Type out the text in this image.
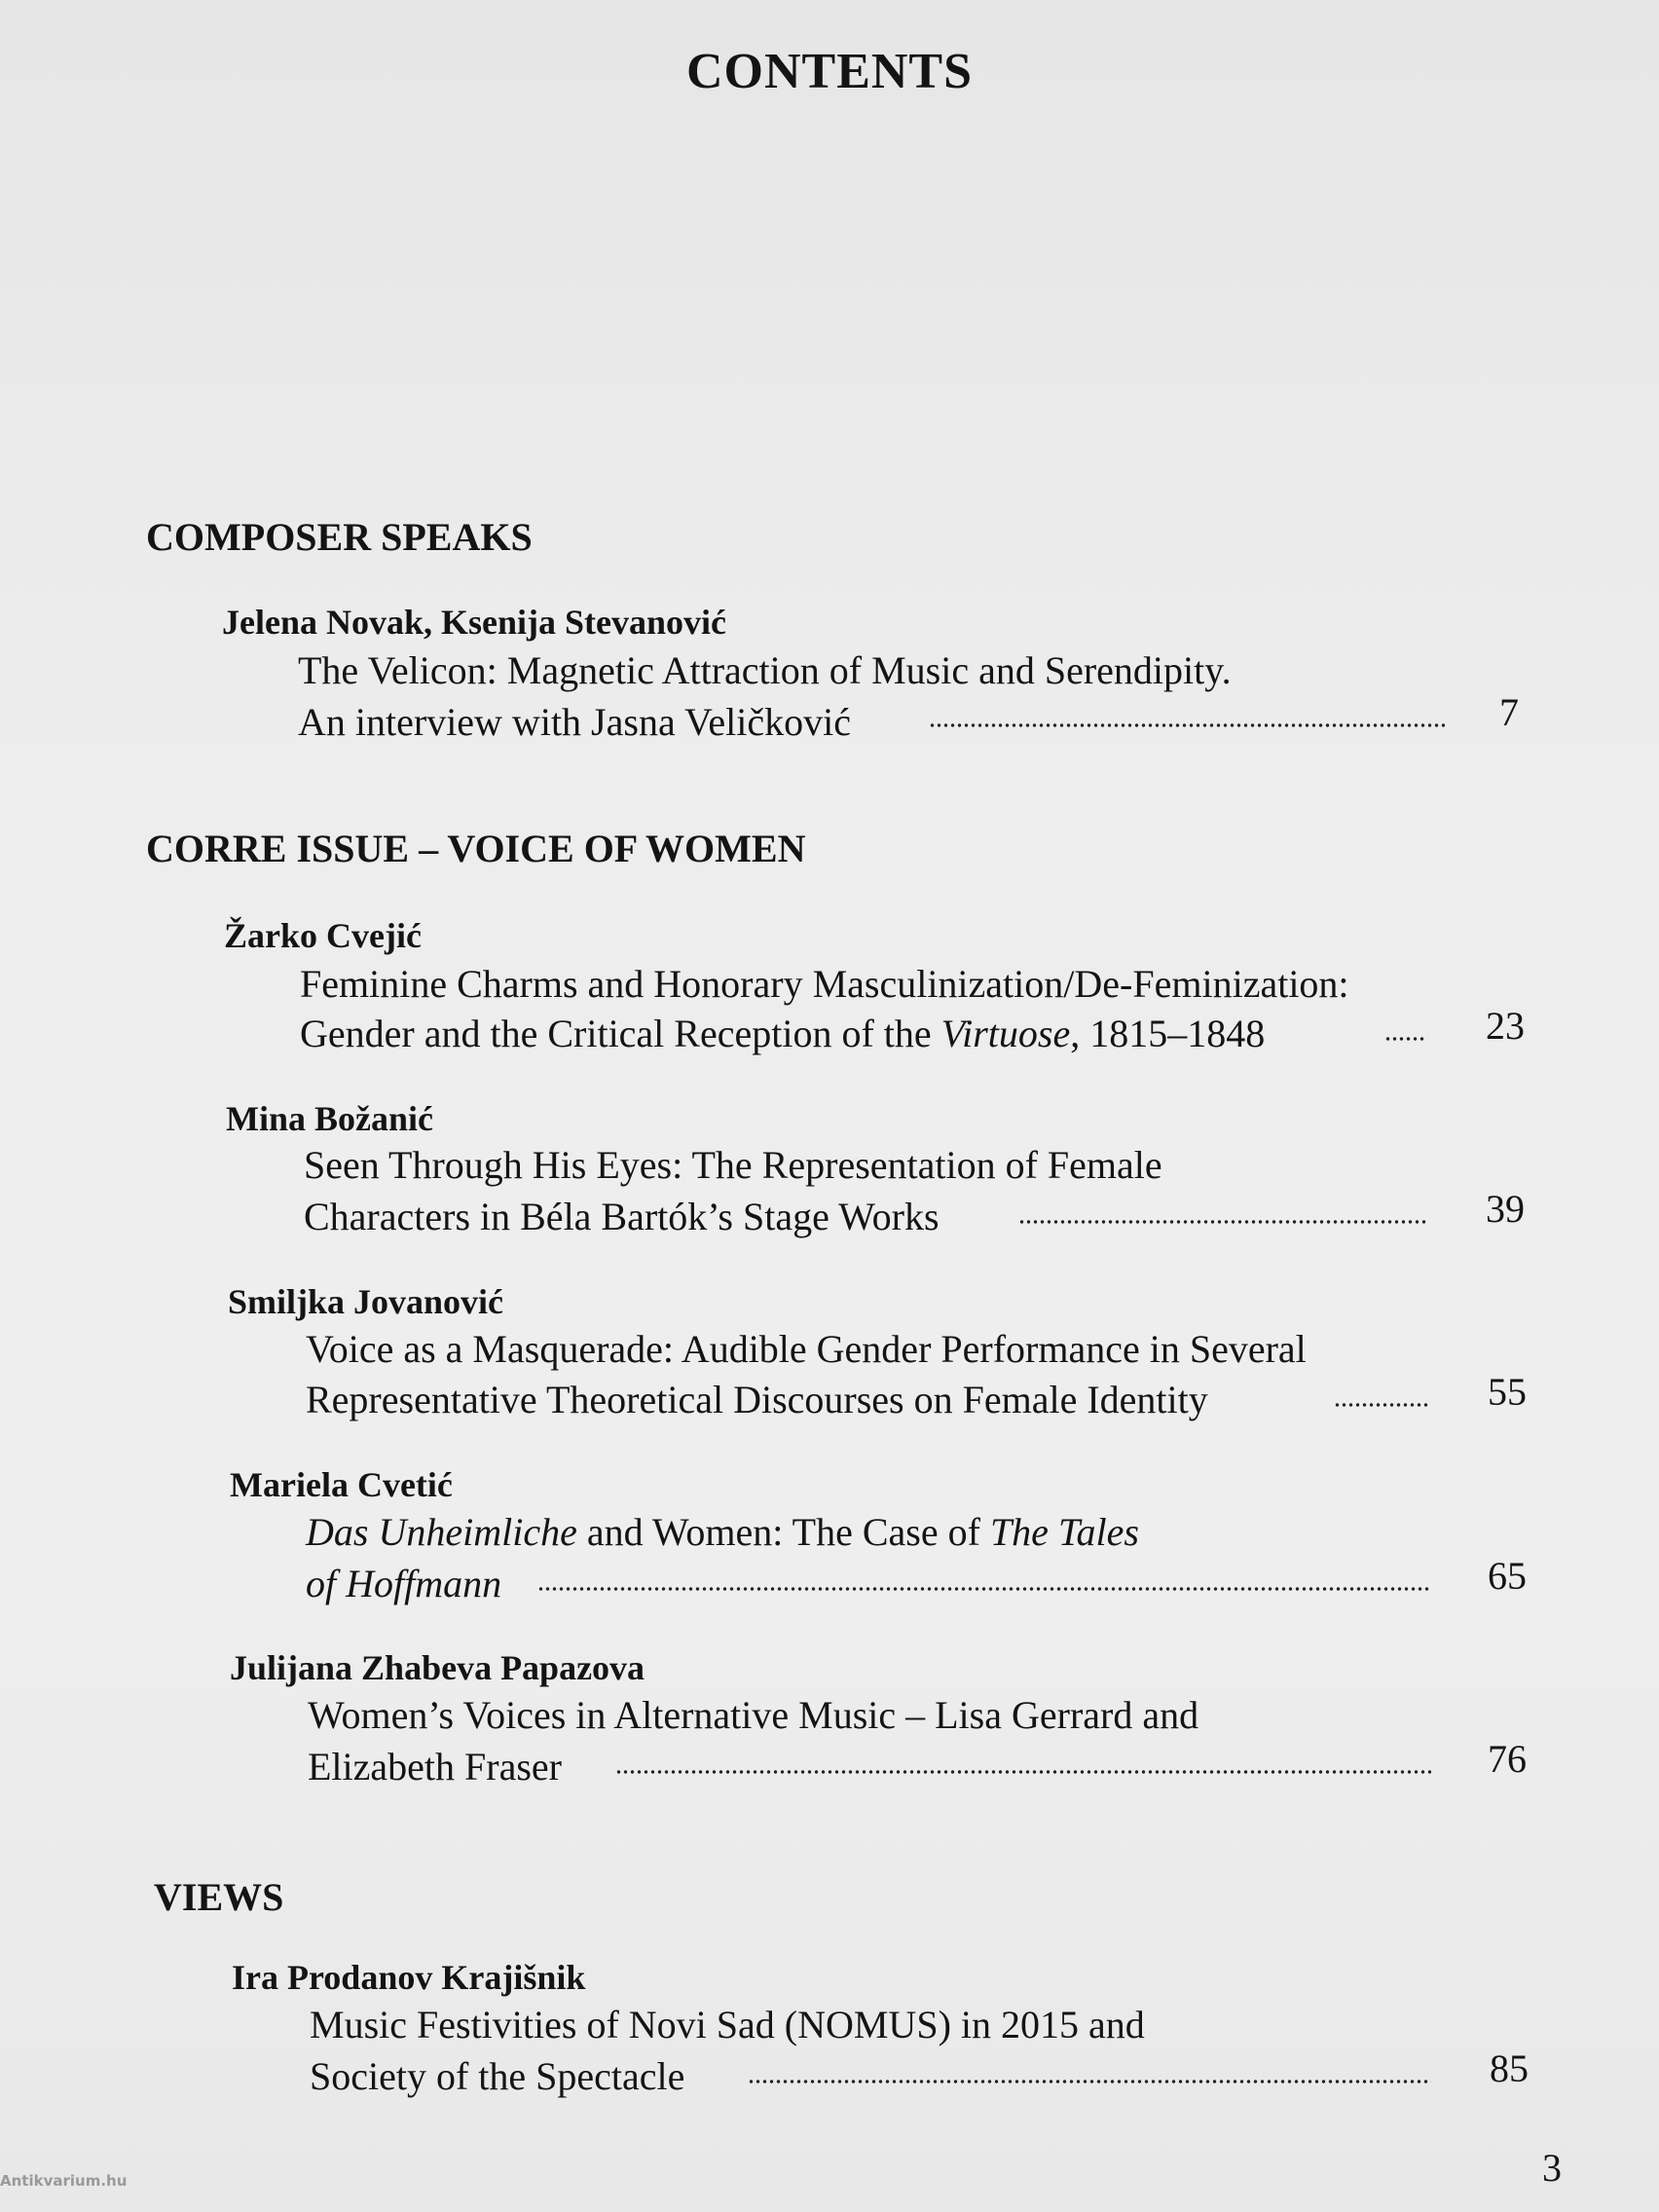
CONTENTS
COMPOSER SPEAKS

Jelena Novak, Ksenija Stevanović

The Velicon: Magnetic Attraction of Music and Serendipity.

An interview with Jasna Veličković	7

CORRE ISSUE – VOICE OF WOMEN

Žarko Cvejić

Feminine Charms and Honorary Masculinization/De-Feminization:

Gender and the Critical Reception of the Virtuose, 1815–1848	23

Mina Božanić

Seen Through His Eyes: The Representation of Female

Characters in Béla Bartók’s Stage Works	39

Smiljka Jovanović

Voice as a Masquerade: Audible Gender Performance in Several

Representative Theoretical Discourses on Female Identity	55

Mariela Cvetić

Das Unheimliche and Women: The Case of The Tales

of Hoffmann	65

Julijana Zhabeva Papazova

Women’s Voices in Alternative Music – Lisa Gerrard and

Elizabeth Fraser	76

VIEWS

Ira Prodanov Krajišnik

Music Festivities of Novi Sad (NOMUS) in 2015 and

Society of the Spectacle	85

Antikvarium.hu	3
